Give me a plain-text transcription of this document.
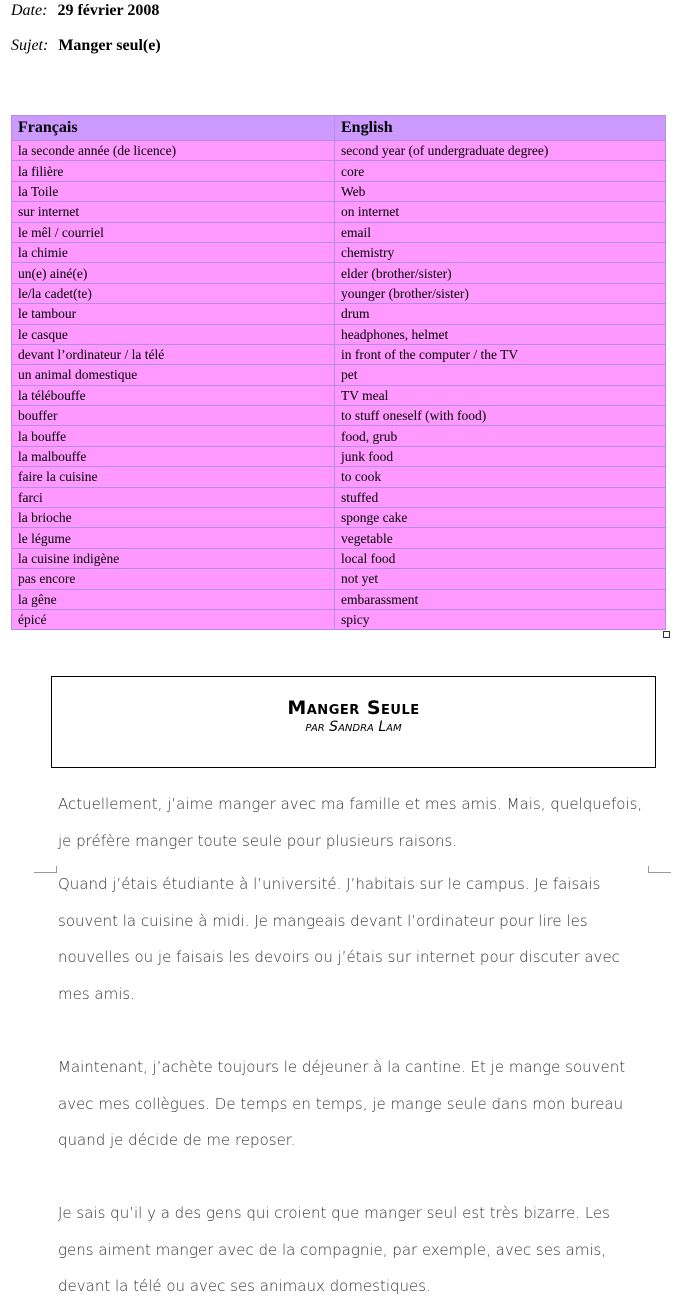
Date: 29 février 2008
Sujet: Manger seul(e)
Français	English
la seconde année (de licence)	second year (of undergraduate degree)
la filière	core
la Toile	Web
sur internet	on internet
le mêl / courriel	email
la chimie	chemistry
un(e) ainé(e)	elder (brother/sister)
le/la cadet(te)	younger (brother/sister)
le tambour	drum
le casque	headphones, helmet
devant l’ordinateur / la télé	in front of the computer / the TV
un animal domestique	pet
la télébouffe	TV meal
bouffer	to stuff oneself (with food)
la bouffe	food, grub
la malbouffe	junk food
faire la cuisine	to cook
farci	stuffed
la brioche	sponge cake
le légume	vegetable
la cuisine indigène	local food
pas encore	not yet
la gêne	embarassment
épicé	spicy
Manger Seule
par Sandra Lam
Actuellement, j’aime manger avec ma famille et mes amis. Mais, quelquefois, je préfère manger toute seule pour plusieurs raisons.
Quand j’étais étudiante à l’université. J’habitais sur le campus. Je faisais souvent la cuisine à midi. Je mangeais devant l’ordinateur pour lire les nouvelles ou je faisais les devoirs ou j’étais sur internet pour discuter avec mes amis.
Maintenant, j’achète toujours le déjeuner à la cantine. Et je mange souvent avec mes collègues. De temps en temps, je mange seule dans mon bureau quand je décide de me reposer.
Je sais qu’il y a des gens qui croient que manger seul est très bizarre. Les gens aiment manger avec de la compagnie, par exemple, avec ses amis, devant la télé ou avec ses animaux domestiques.
